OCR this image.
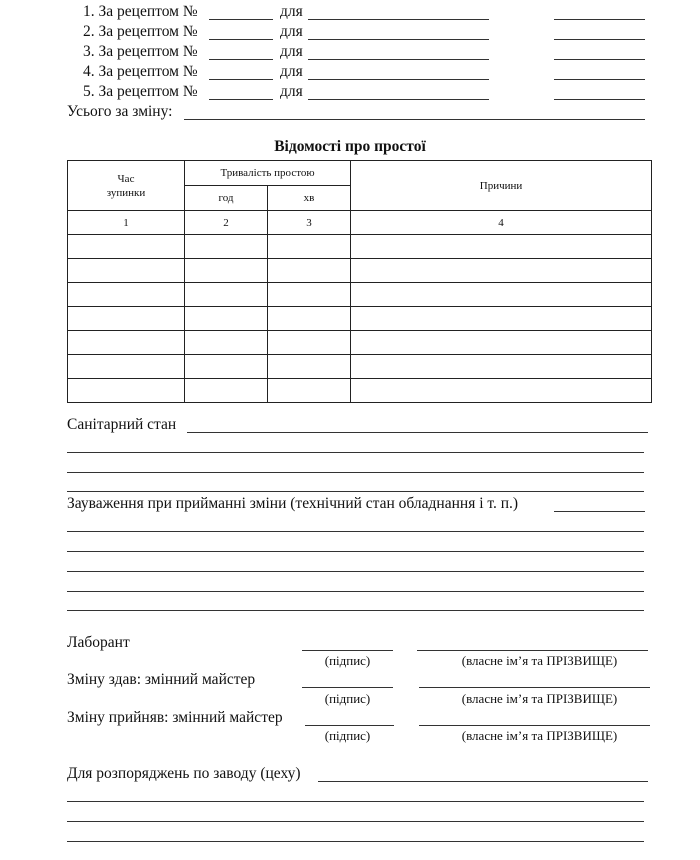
1. За рецептом №	для
2. За рецептом №	для
3. За рецептом №	для
4. За рецептом №	для
5. За рецептом №	для
Усього за зміну:
Відомості про простої
Час
зупинки	Тривалість простою		Причини
	год	хв	
1	2	3	4

Санітарний стан
Зауваження при прийманні зміни (технічний стан обладнання і т. п.)
Лаборант
(підпис)	(власне ім’я та ПРІЗВИЩЕ)
Зміну здав: змінний майстер
(підпис)	(власне ім’я та ПРІЗВИЩЕ)
Зміну прийняв: змінний майстер
(підпис)	(власне ім’я та ПРІЗВИЩЕ)
Для розпоряджень по заводу (цеху)
